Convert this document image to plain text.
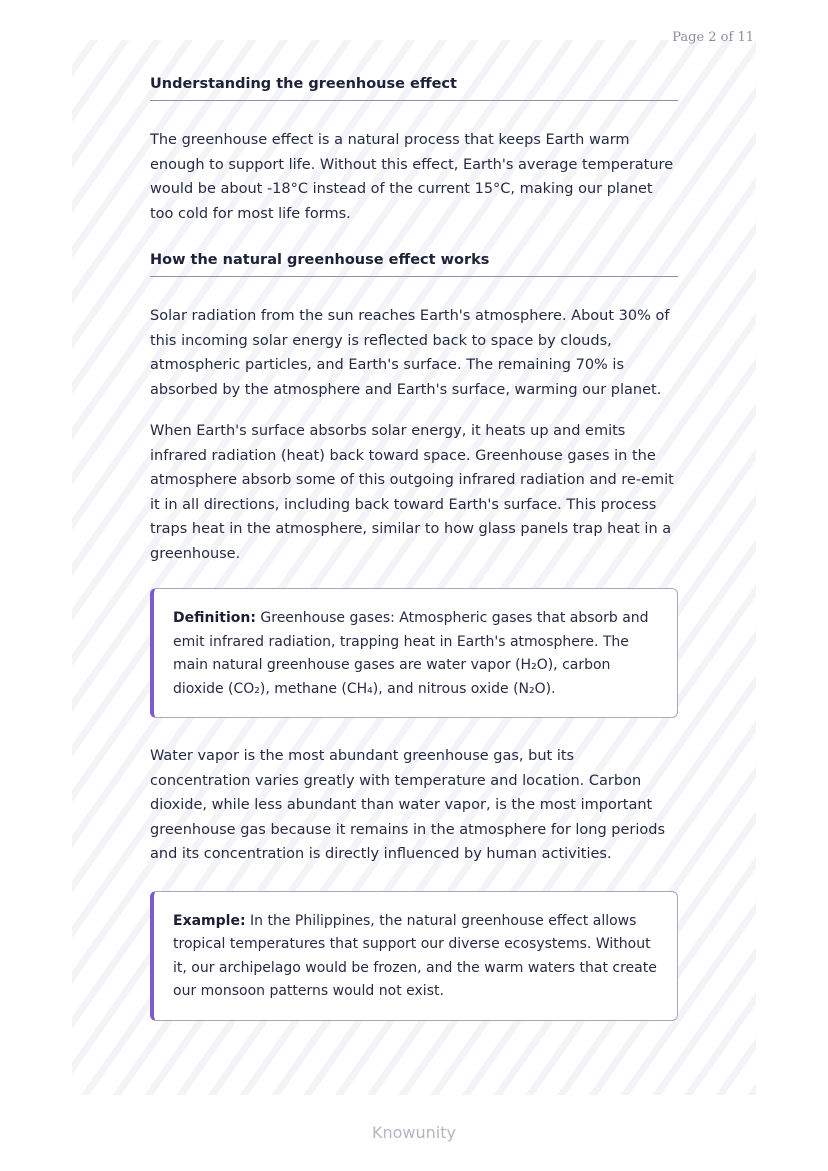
Page 2 of 11
Understanding the greenhouse effect

The greenhouse effect is a natural process that keeps Earth warm enough to support life. Without this effect, Earth's average temperature would be about -18°C instead of the current 15°C, making our planet too cold for most life forms.

How the natural greenhouse effect works

Solar radiation from the sun reaches Earth's atmosphere. About 30% of this incoming solar energy is reflected back to space by clouds, atmospheric particles, and Earth's surface. The remaining 70% is absorbed by the atmosphere and Earth's surface, warming our planet.

When Earth's surface absorbs solar energy, it heats up and emits infrared radiation (heat) back toward space. Greenhouse gases in the atmosphere absorb some of this outgoing infrared radiation and re-emit it in all directions, including back toward Earth's surface. This process traps heat in the atmosphere, similar to how glass panels trap heat in a greenhouse.

Definition: Greenhouse gases: Atmospheric gases that absorb and emit infrared radiation, trapping heat in Earth's atmosphere. The main natural greenhouse gases are water vapor (H₂O), carbon dioxide (CO₂), methane (CH₄), and nitrous oxide (N₂O).

Water vapor is the most abundant greenhouse gas, but its concentration varies greatly with temperature and location. Carbon dioxide, while less abundant than water vapor, is the most important greenhouse gas because it remains in the atmosphere for long periods and its concentration is directly influenced by human activities.

Example: In the Philippines, the natural greenhouse effect allows tropical temperatures that support our diverse ecosystems. Without it, our archipelago would be frozen, and the warm waters that create our monsoon patterns would not exist.
Knowunity
